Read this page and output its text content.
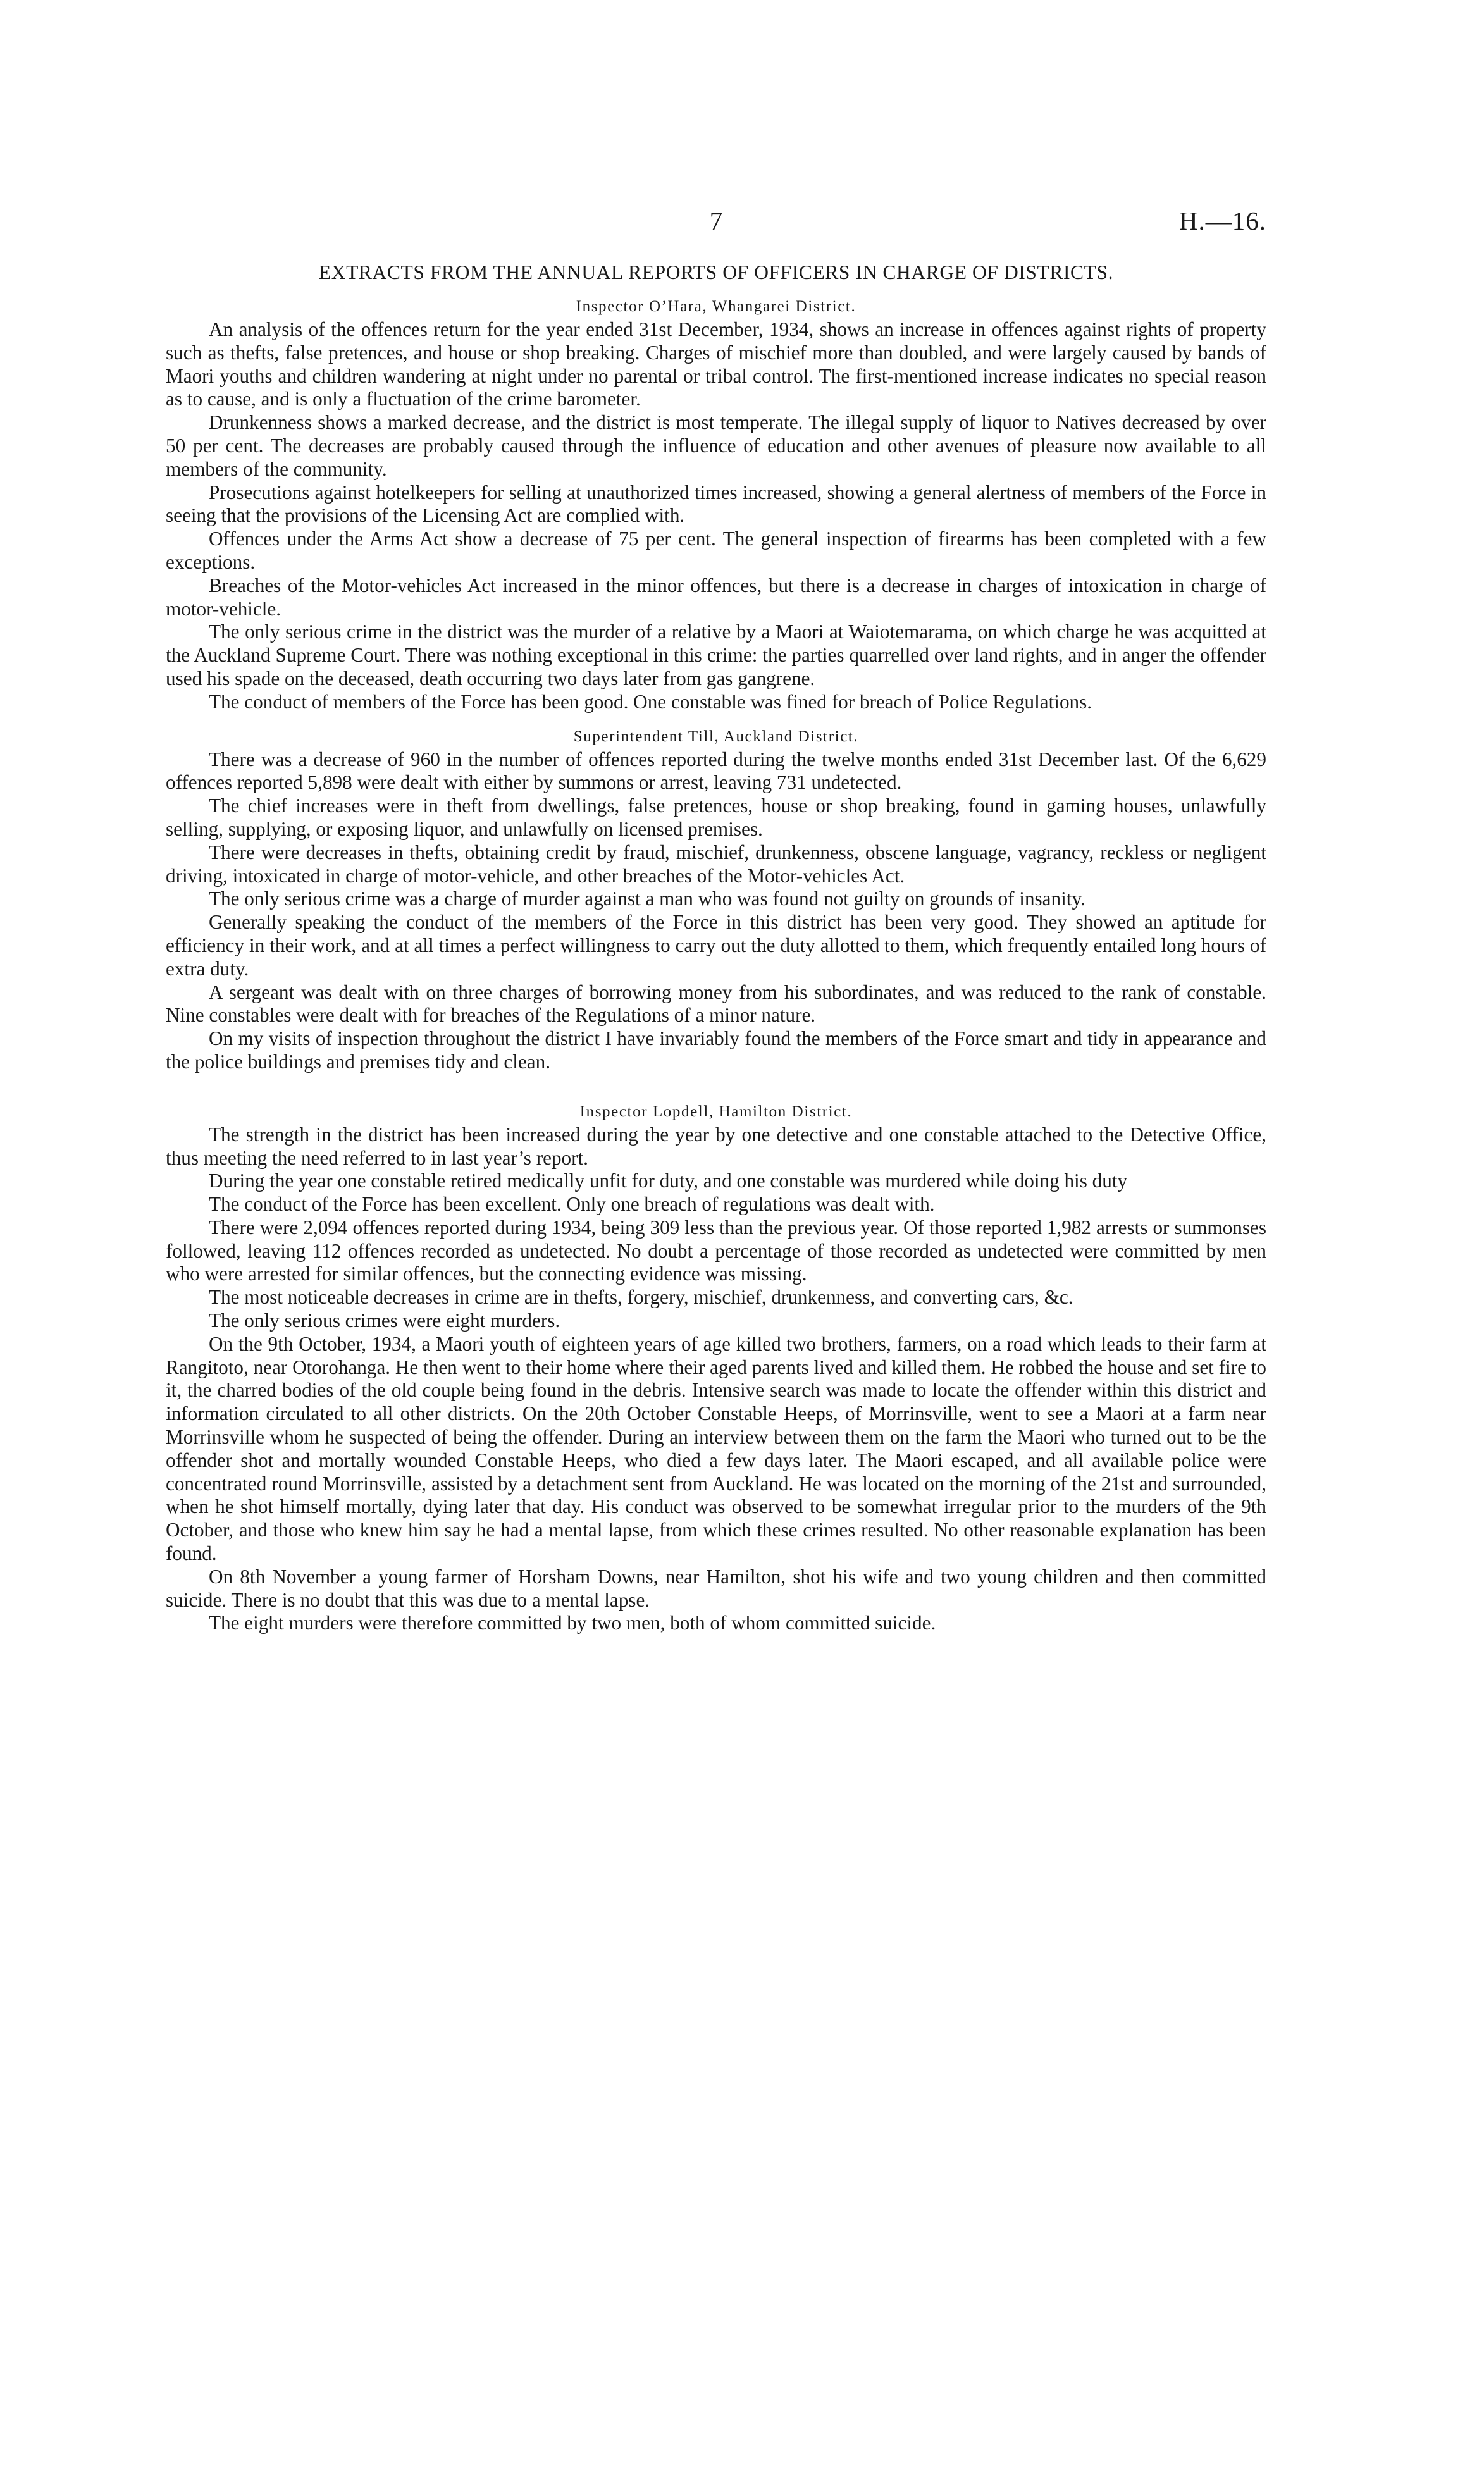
7	H.—16.
EXTRACTS FROM THE ANNUAL REPORTS OF OFFICERS IN CHARGE OF DISTRICTS.
Inspector O’Hara, Whangarei District.

An analysis of the offences return for the year ended 31st December, 1934, shows an increase in offences against rights of property such as thefts, false pretences, and house or shop breaking. Charges of mischief more than doubled, and were largely caused by bands of Maori youths and children wandering at night under no parental or tribal control. The first-mentioned increase indicates no special reason as to cause, and is only a fluctuation of the crime barometer.

Drunkenness shows a marked decrease, and the district is most temperate. The illegal supply of liquor to Natives decreased by over 50 per cent. The decreases are probably caused through the influence of education and other avenues of pleasure now available to all members of the community.

Prosecutions against hotelkeepers for selling at unauthorized times increased, showing a general alertness of members of the Force in seeing that the provisions of the Licensing Act are complied with.

Offences under the Arms Act show a decrease of 75 per cent. The general inspection of firearms has been completed with a few exceptions.

Breaches of the Motor-vehicles Act increased in the minor offences, but there is a decrease in charges of intoxication in charge of motor-vehicle.

The only serious crime in the district was the murder of a relative by a Maori at Waiotemarama, on which charge he was acquitted at the Auckland Supreme Court. There was nothing exceptional in this crime: the parties quarrelled over land rights, and in anger the offender used his spade on the deceased, death occurring two days later from gas gangrene.

The conduct of members of the Force has been good. One constable was fined for breach of Police Regulations.

Superintendent Till, Auckland District.

There was a decrease of 960 in the number of offences reported during the twelve months ended 31st December last. Of the 6,629 offences reported 5,898 were dealt with either by summons or arrest, leaving 731 undetected.

The chief increases were in theft from dwellings, false pretences, house or shop breaking, found in gaming houses, unlawfully selling, supplying, or exposing liquor, and unlawfully on licensed premises.

There were decreases in thefts, obtaining credit by fraud, mischief, drunkenness, obscene language, vagrancy, reckless or negligent driving, intoxicated in charge of motor-vehicle, and other breaches of the Motor-vehicles Act.

The only serious crime was a charge of murder against a man who was found not guilty on grounds of insanity.

Generally speaking the conduct of the members of the Force in this district has been very good. They showed an aptitude for efficiency in their work, and at all times a perfect willingness to carry out the duty allotted to them, which frequently entailed long hours of extra duty.

A sergeant was dealt with on three charges of borrowing money from his subordinates, and was reduced to the rank of constable. Nine constables were dealt with for breaches of the Regulations of a minor nature.

On my visits of inspection throughout the district I have invariably found the members of the Force smart and tidy in appearance and the police buildings and premises tidy and clean.

Inspector Lopdell, Hamilton District.

The strength in the district has been increased during the year by one detective and one constable attached to the Detective Office, thus meeting the need referred to in last year’s report.

During the year one constable retired medically unfit for duty, and one constable was murdered while doing his duty

The conduct of the Force has been excellent. Only one breach of regulations was dealt with.

There were 2,094 offences reported during 1934, being 309 less than the previous year. Of those reported 1,982 arrests or summonses followed, leaving 112 offences recorded as undetected. No doubt a percentage of those recorded as undetected were committed by men who were arrested for similar offences, but the connecting evidence was missing.

The most noticeable decreases in crime are in thefts, forgery, mischief, drunkenness, and converting cars, &c.

The only serious crimes were eight murders.

On the 9th October, 1934, a Maori youth of eighteen years of age killed two brothers, farmers, on a road which leads to their farm at Rangitoto, near Otorohanga. He then went to their home where their aged parents lived and killed them. He robbed the house and set fire to it, the charred bodies of the old couple being found in the debris. Intensive search was made to locate the offender within this district and information circulated to all other districts. On the 20th October Constable Heeps, of Morrinsville, went to see a Maori at a farm near Morrinsville whom he suspected of being the offender. During an interview between them on the farm the Maori who turned out to be the offender shot and mortally wounded Constable Heeps, who died a few days later. The Maori escaped, and all available police were concentrated round Morrinsville, assisted by a detachment sent from Auckland. He was located on the morning of the 21st and surrounded, when he shot himself mortally, dying later that day. His conduct was observed to be somewhat irregular prior to the murders of the 9th October, and those who knew him say he had a mental lapse, from which these crimes resulted. No other reasonable explanation has been found.

On 8th November a young farmer of Horsham Downs, near Hamilton, shot his wife and two young children and then committed suicide. There is no doubt that this was due to a mental lapse.

The eight murders were therefore committed by two men, both of whom committed suicide.
